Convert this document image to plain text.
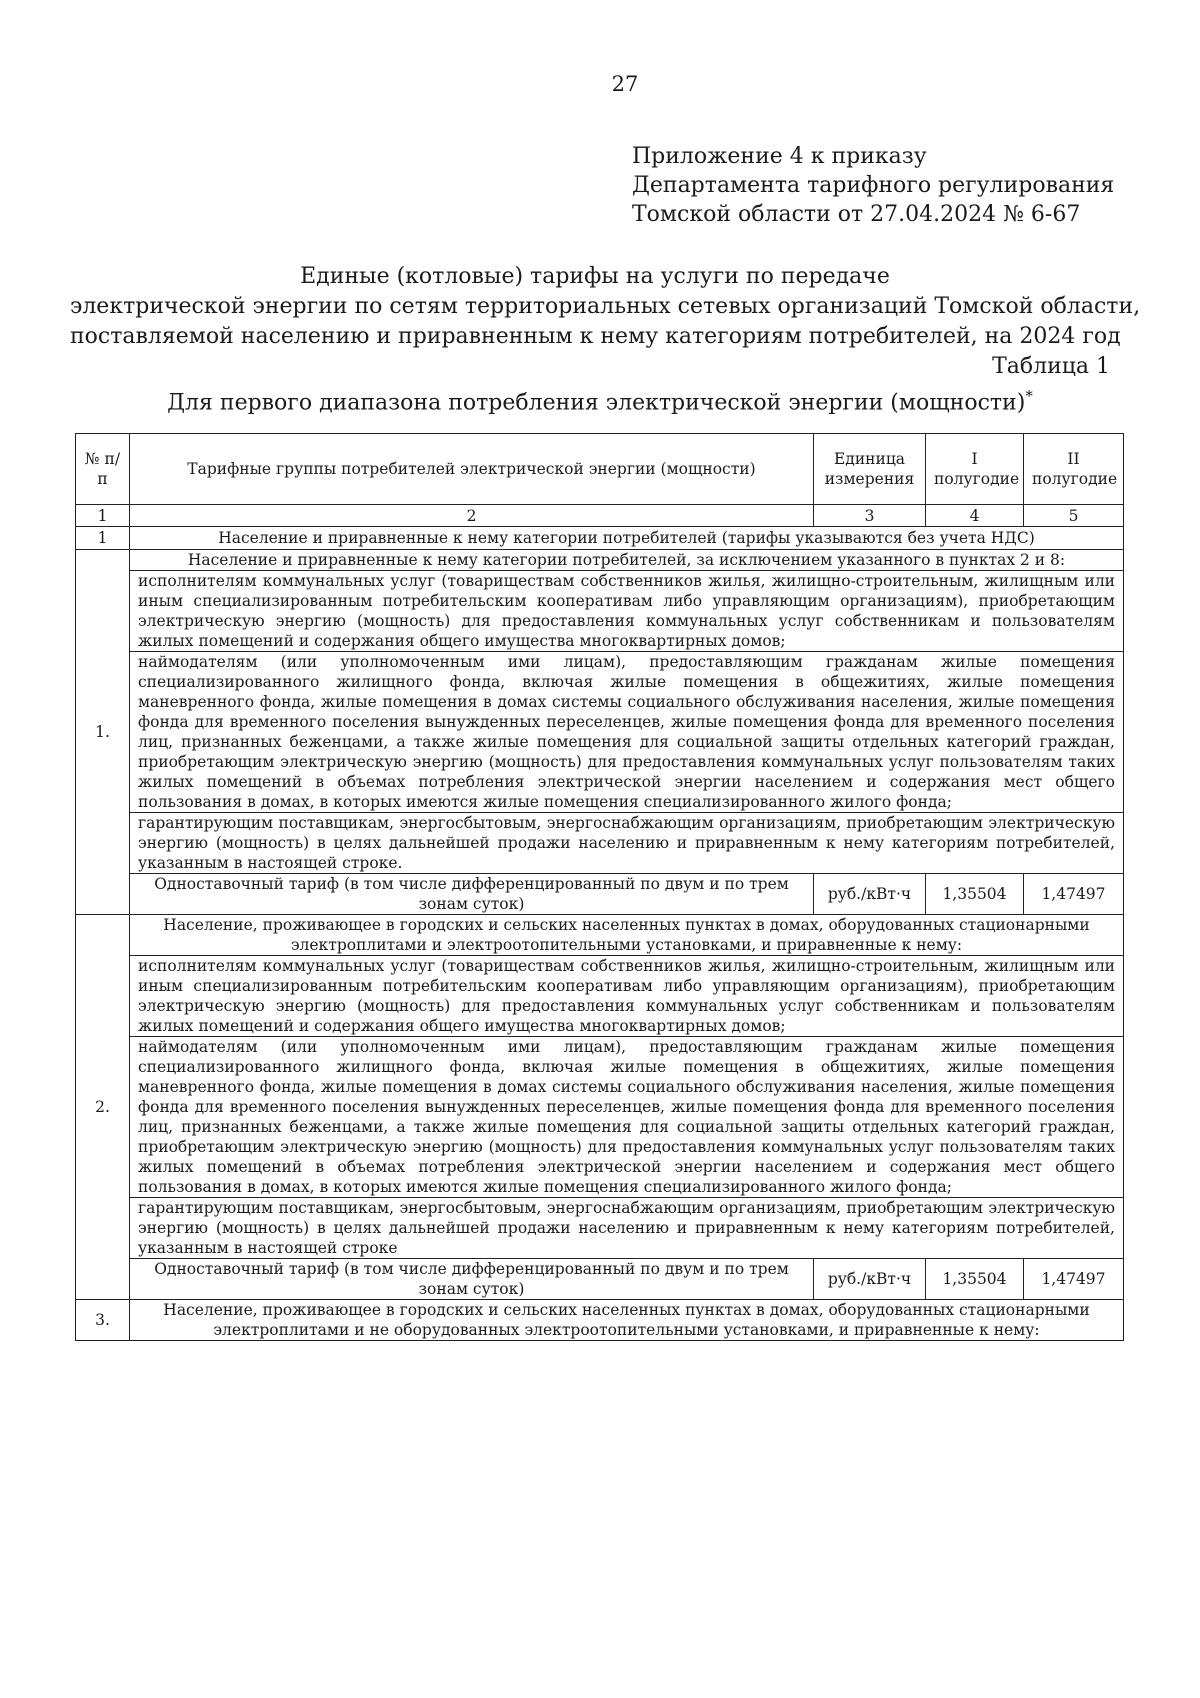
27
Приложение 4 к приказу
Департамента тарифного регулирования
Томской области от 27.04.2024 № 6-67
Единые (котловые) тарифы на услуги по передаче
электрической энергии по сетям территориальных сетевых организаций Томской области,
поставляемой населению и приравненным к нему категориям потребителей, на 2024 год
Таблица 1
Для первого диапазона потребления электрической энергии (мощности)*
№ п/п	Тарифные группы потребителей электрической энергии (мощности)	Единица измерения	I полугодие	II полугодие
1	2	3	4	5
1	Население и приравненные к нему категории потребителей (тарифы указываются без учета НДС)			
1.	Население и приравненные к нему категории потребителей, за исключением указанного в пунктах 2 и 8:			
	исполнителям коммунальных услуг (товариществам собственников жилья, жилищно-строительным, жилищным или иным специализированным потребительским кооперативам либо управляющим организациям), приобретающим электрическую энергию (мощность) для предоставления коммунальных услуг собственникам и пользователям жилых помещений и содержания общего имущества многоквартирных домов;			
	наймодателям (или уполномоченным ими лицам), предоставляющим гражданам жилые помещения специализированного жилищного фонда, включая жилые помещения в общежитиях, жилые помещения маневренного фонда, жилые помещения в домах системы социального обслуживания населения, жилые помещения фонда для временного поселения вынужденных переселенцев, жилые помещения фонда для временного поселения лиц, признанных беженцами, а также жилые помещения для социальной защиты отдельных категорий граждан, приобретающим электрическую энергию (мощность) для предоставления коммунальных услуг пользователям таких жилых помещений в объемах потребления электрической энергии населением и содержания мест общего пользования в домах, в которых имеются жилые помещения специализированного жилого фонда;			
	гарантирующим поставщикам, энергосбытовым, энергоснабжающим организациям, приобретающим электрическую энергию (мощность) в целях дальнейшей продажи населению и приравненным к нему категориям потребителей, указанным в настоящей строке.			
	Одноставочный тариф (в том числе дифференцированный по двум и по трем зонам суток)	руб./кВт·ч	1,35504	1,47497
2.	Население, проживающее в городских и сельских населенных пунктах в домах, оборудованных стационарными электроплитами и электроотопительными установками, и приравненные к нему:			
	исполнителям коммунальных услуг (товариществам собственников жилья, жилищно-строительным, жилищным или иным специализированным потребительским кооперативам либо управляющим организациям), приобретающим электрическую энергию (мощность) для предоставления коммунальных услуг собственникам и пользователям жилых помещений и содержания общего имущества многоквартирных домов;			
	наймодателям (или уполномоченным ими лицам), предоставляющим гражданам жилые помещения специализированного жилищного фонда, включая жилые помещения в общежитиях, жилые помещения маневренного фонда, жилые помещения в домах системы социального обслуживания населения, жилые помещения фонда для временного поселения вынужденных переселенцев, жилые помещения фонда для временного поселения лиц, признанных беженцами, а также жилые помещения для социальной защиты отдельных категорий граждан, приобретающим электрическую энергию (мощность) для предоставления коммунальных услуг пользователям таких жилых помещений в объемах потребления электрической энергии населением и содержания мест общего пользования в домах, в которых имеются жилые помещения специализированного жилого фонда;			
	гарантирующим поставщикам, энергосбытовым, энергоснабжающим организациям, приобретающим электрическую энергию (мощность) в целях дальнейшей продажи населению и приравненным к нему категориям потребителей, указанным в настоящей строке			
	Одноставочный тариф (в том числе дифференцированный по двум и по трем зонам суток)	руб./кВт·ч	1,35504	1,47497
3.	Население, проживающее в городских и сельских населенных пунктах в домах, оборудованных стационарными электроплитами и не оборудованных электроотопительными установками, и приравненные к нему:			
